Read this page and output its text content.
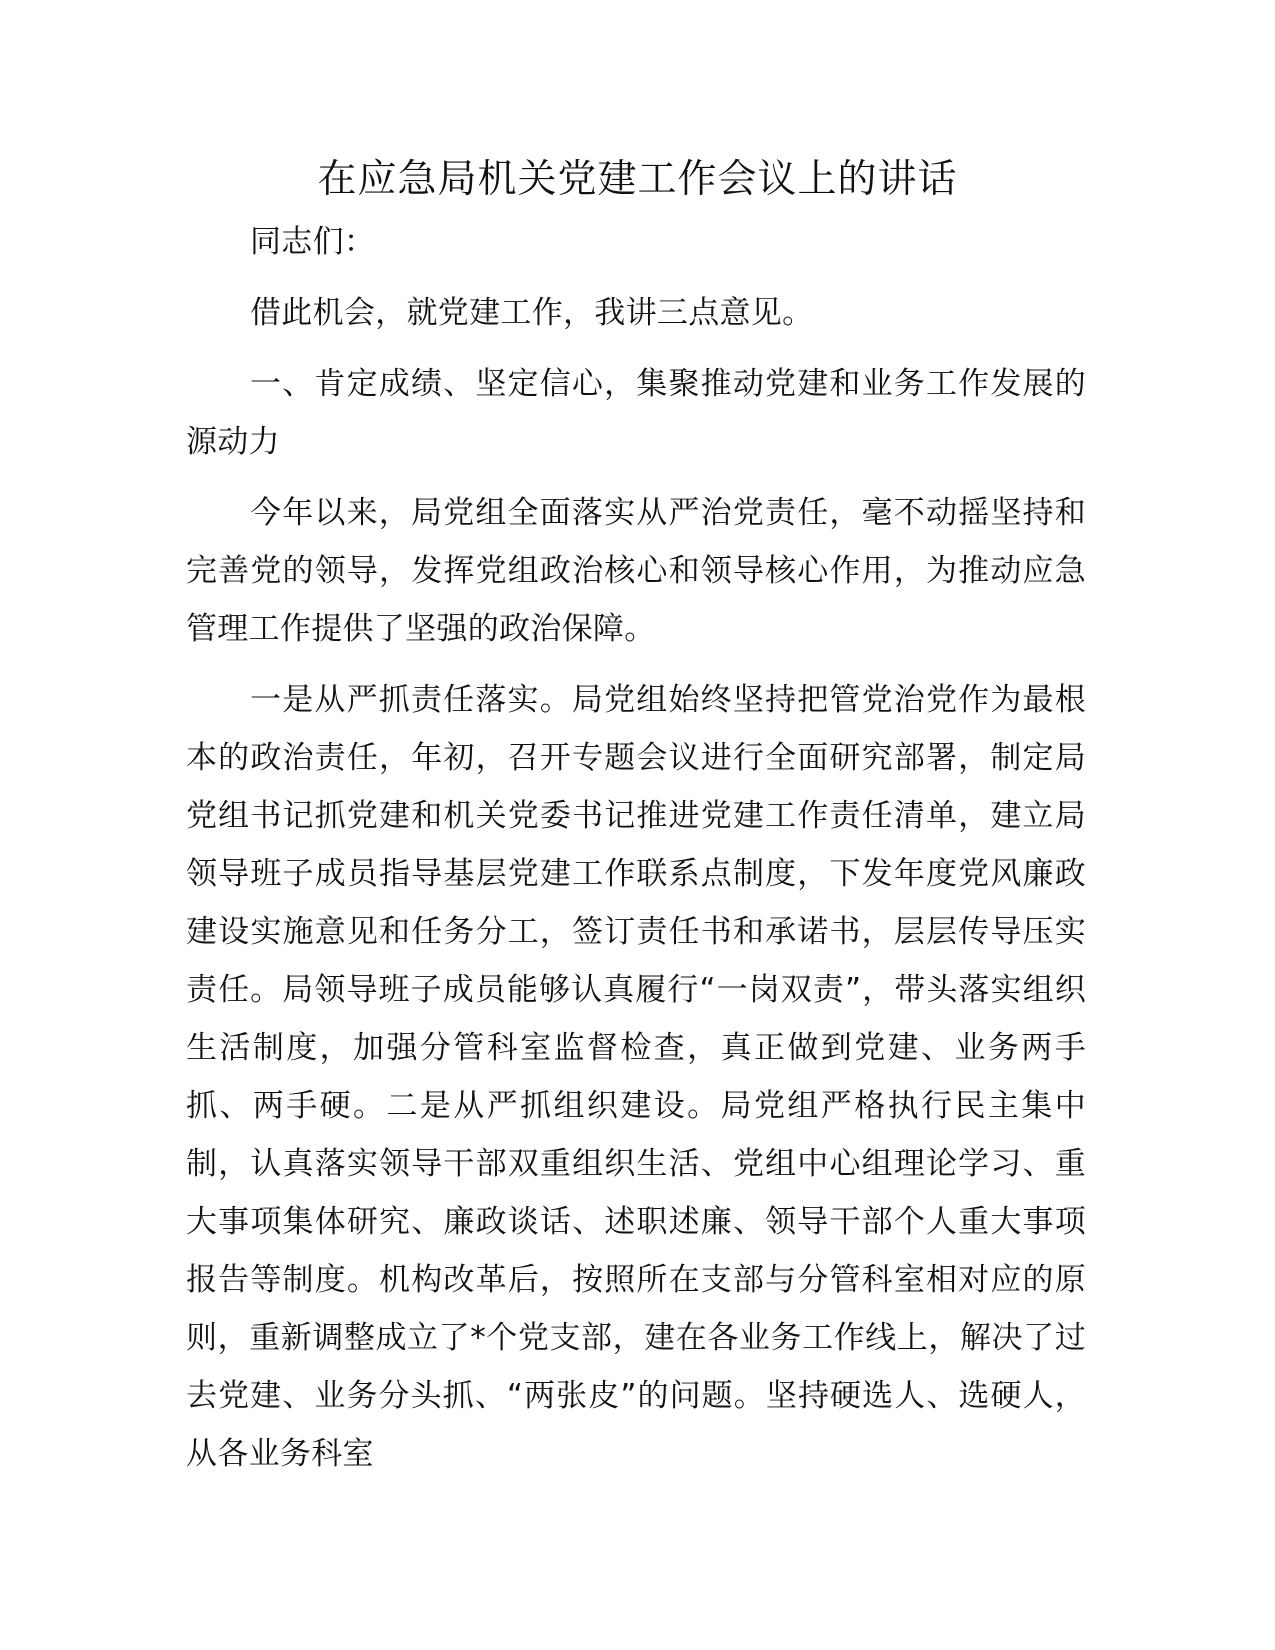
在应急局机关党建工作会议上的讲话

同志们：

借此机会，就党建工作，我讲三点意见。

一、肯定成绩、坚定信心，集聚推动党建和业务工作发展的源动力

今年以来，局党组全面落实从严治党责任，毫不动摇坚持和完善党的领导，发挥党组政治核心和领导核心作用，为推动应急管理工作提供了坚强的政治保障。

一是从严抓责任落实。局党组始终坚持把管党治党作为最根本的政治责任，年初，召开专题会议进行全面研究部署，制定局党组书记抓党建和机关党委书记推进党建工作责任清单，建立局领导班子成员指导基层党建工作联系点制度，下发年度党风廉政建设实施意见和任务分工，签订责任书和承诺书，层层传导压实责任。局领导班子成员能够认真履行“一岗双责”，带头落实组织生活制度，加强分管科室监督检查，真正做到党建、业务两手抓、两手硬。二是从严抓组织建设。局党组严格执行民主集中制，认真落实领导干部双重组织生活、党组中心组理论学习、重大事项集体研究、廉政谈话、述职述廉、领导干部个人重大事项报告等制度。机构改革后，按照所在支部与分管科室相对应的原则，重新调整成立了*个党支部，建在各业务工作线上，解决了过去党建、业务分头抓、“两张皮”的问题。坚持硬选人、选硬人，从各业务科室
